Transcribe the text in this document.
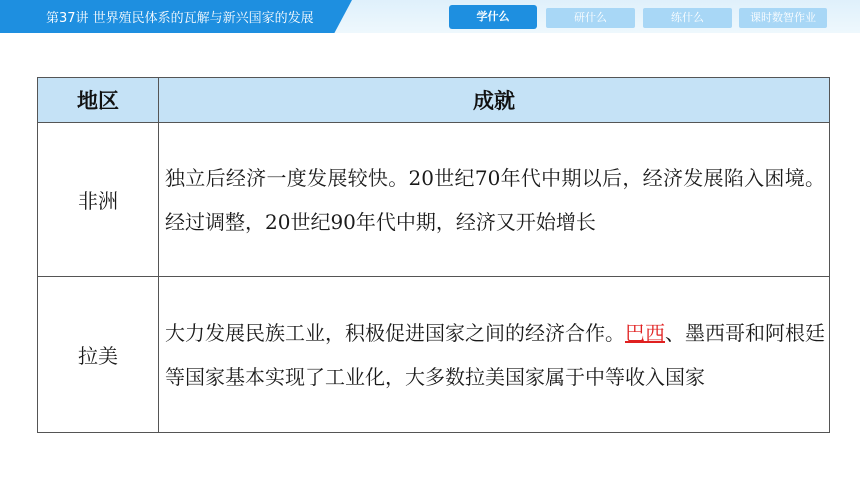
第37讲 世界殖民体系的瓦解与新兴国家的发展	学什么	研什么	练什么	课时数智作业
地区	成就
非洲	独立后经济一度发展较快。20世纪70年代中期以后，经济发展陷入困境。经过调整，20世纪90年代中期，经济又开始增长
拉美	大力发展民族工业，积极促进国家之间的经济合作。巴西、墨西哥和阿根廷等国家基本实现了工业化，大多数拉美国家属于中等收入国家
